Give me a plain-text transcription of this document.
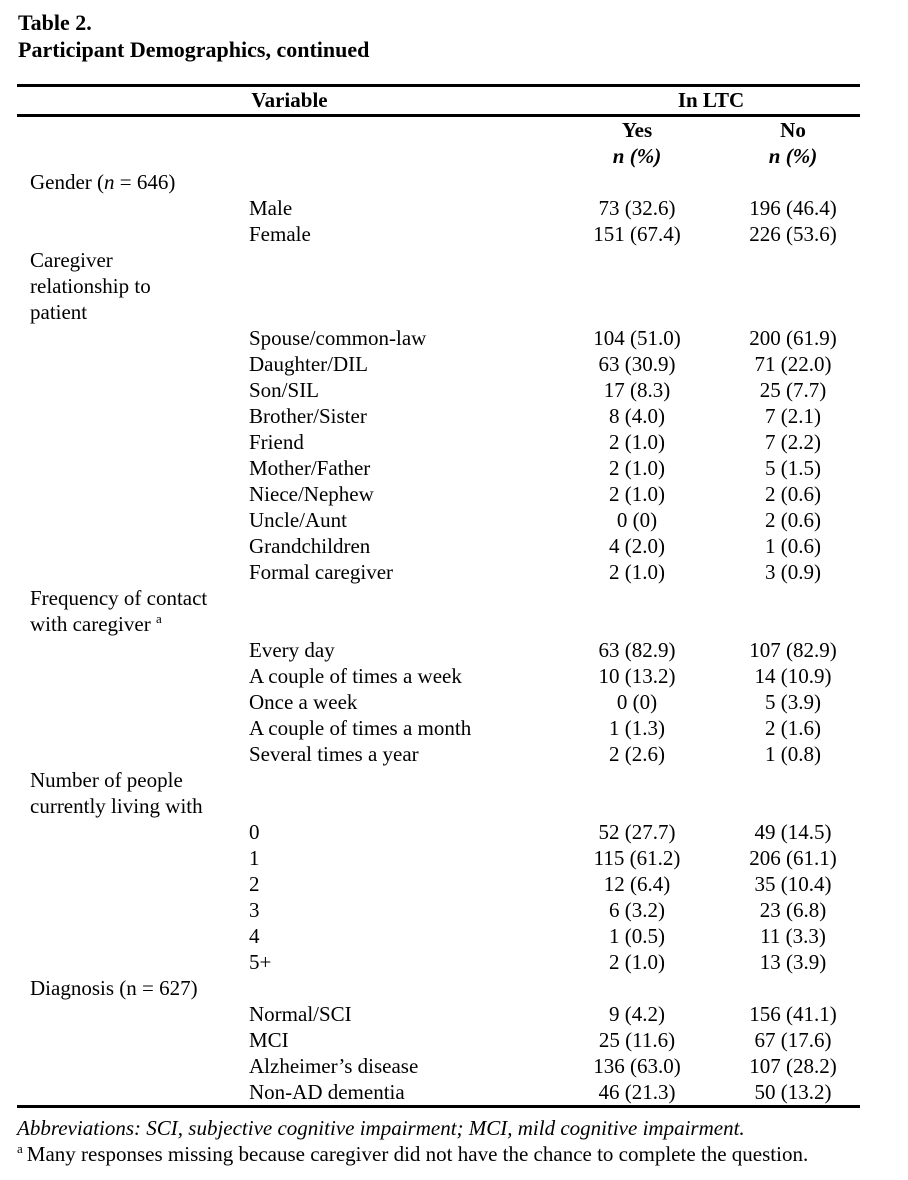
Table 2.
Participant Demographics, continued
Variable	In LTC
Yes	No
n (%)	n (%)
Gender (n = 646)
Male	73 (32.6)	196 (46.4)
Female	151 (67.4)	226 (53.6)
Caregiver
relationship to
patient
Spouse/common-law	104 (51.0)	200 (61.9)
Daughter/DIL	63 (30.9)	71 (22.0)
Son/SIL	17 (8.3)	25 (7.7)
Brother/Sister	8 (4.0)	7 (2.1)
Friend	2 (1.0)	7 (2.2)
Mother/Father	2 (1.0)	5 (1.5)
Niece/Nephew	2 (1.0)	2 (0.6)
Uncle/Aunt	0 (0)	2 (0.6)
Grandchildren	4 (2.0)	1 (0.6)
Formal caregiver	2 (1.0)	3 (0.9)
Frequency of contact
with caregiver $^a$
Every day	63 (82.9)	107 (82.9)
A couple of times a week	10 (13.2)	14 (10.9)
Once a week	0 (0)	5 (3.9)
A couple of times a month	1 (1.3)	2 (1.6)
Several times a year	2 (2.6)	1 (0.8)
Number of people
currently living with
0	52 (27.7)	49 (14.5)
1	115 (61.2)	206 (61.1)
2	12 (6.4)	35 (10.4)
3	6 (3.2)	23 (6.8)
4	1 (0.5)	11 (3.3)
5+	2 (1.0)	13 (3.9)
Diagnosis (n = 627)
Normal/SCI	9 (4.2)	156 (41.1)
MCI	25 (11.6)	67 (17.6)
Alzheimer’s disease	136 (63.0)	107 (28.2)
Non-AD dementia	46 (21.3)	50 (13.2)
Abbreviations: SCI, subjective cognitive impairment; MCI, mild cognitive impairment.
$^a$ Many responses missing because caregiver did not have the chance to complete the question.
